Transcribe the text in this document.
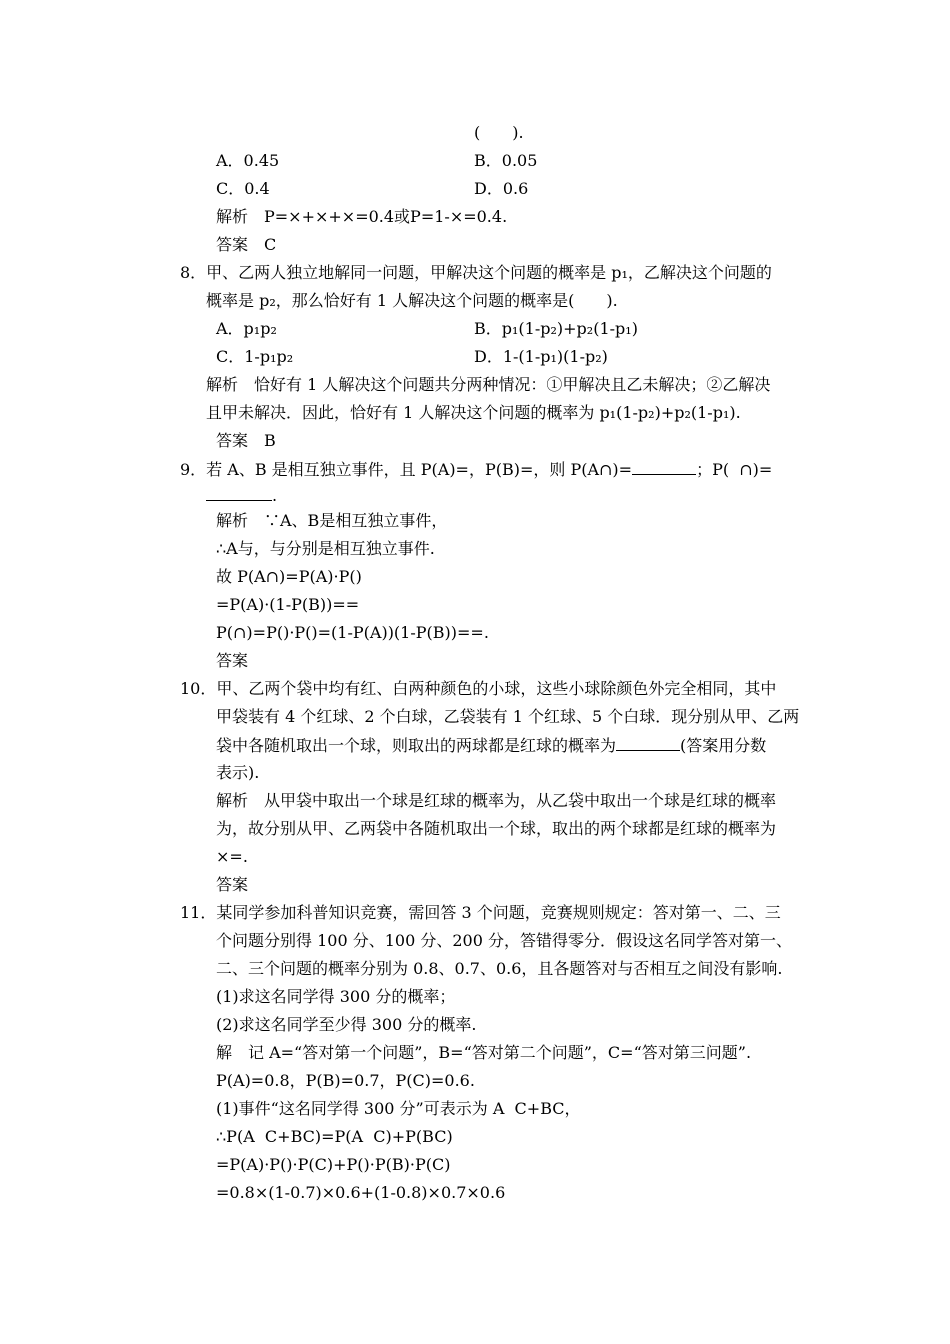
(　　).
A．0.45	B．0.05
C．0.4	D．0.6
解析　P=×+×+×=0.4或P=1-×=0.4.
答案　C
8．甲、乙两人独立地解同一问题，甲解决这个问题的概率是 p₁，乙解决这个问题的
概率是 p₂，那么恰好有 1 人解决这个问题的概率是(　　).
A．p₁p₂	B．p₁(1-p₂)+p₂(1-p₁)
C．1-p₁p₂	D．1-(1-p₁)(1-p₂)
解析　恰好有 1 人解决这个问题共分两种情况：①甲解决且乙未解决；②乙解决
且甲未解决．因此，恰好有 1 人解决这个问题的概率为 p₁(1-p₂)+p₂(1-p₁).
答案　B
9．若 A、B 是相互独立事件，且 P(A)=，P(B)=，则 P(A∩)=	；P(  ∩)=
.
解析　∵A、B是相互独立事件，
∴A与，与分别是相互独立事件.
故 P(A∩)=P(A)·P()
=P(A)·(1-P(B))==
P(∩)=P()·P()=(1-P(A))(1-P(B))==.
答案
10．甲、乙两个袋中均有红、白两种颜色的小球，这些小球除颜色外完全相同，其中
甲袋装有 4 个红球、2 个白球，乙袋装有 1 个红球、5 个白球．现分别从甲、乙两
袋中各随机取出一个球，则取出的两球都是红球的概率为	(答案用分数
表示).
解析　从甲袋中取出一个球是红球的概率为，从乙袋中取出一个球是红球的概率
为，故分别从甲、乙两袋中各随机取出一个球，取出的两个球都是红球的概率为
×=.
答案
11．某同学参加科普知识竞赛，需回答 3 个问题，竞赛规则规定：答对第一、二、三
个问题分别得 100 分、100 分、200 分，答错得零分．假设这名同学答对第一、
二、三个问题的概率分别为 0.8、0.7、0.6，且各题答对与否相互之间没有影响.
(1)求这名同学得 300 分的概率；
(2)求这名同学至少得 300 分的概率.
解　记 A=“答对第一个问题”，B=“答对第二个问题”，C=“答对第三问题”.
P(A)=0.8，P(B)=0.7，P(C)=0.6.
(1)事件“这名同学得 300 分”可表示为 A  C+BC，
∴P(A  C+BC)=P(A  C)+P(BC)
=P(A)·P()·P(C)+P()·P(B)·P(C)
=0.8×(1-0.7)×0.6+(1-0.8)×0.7×0.6
